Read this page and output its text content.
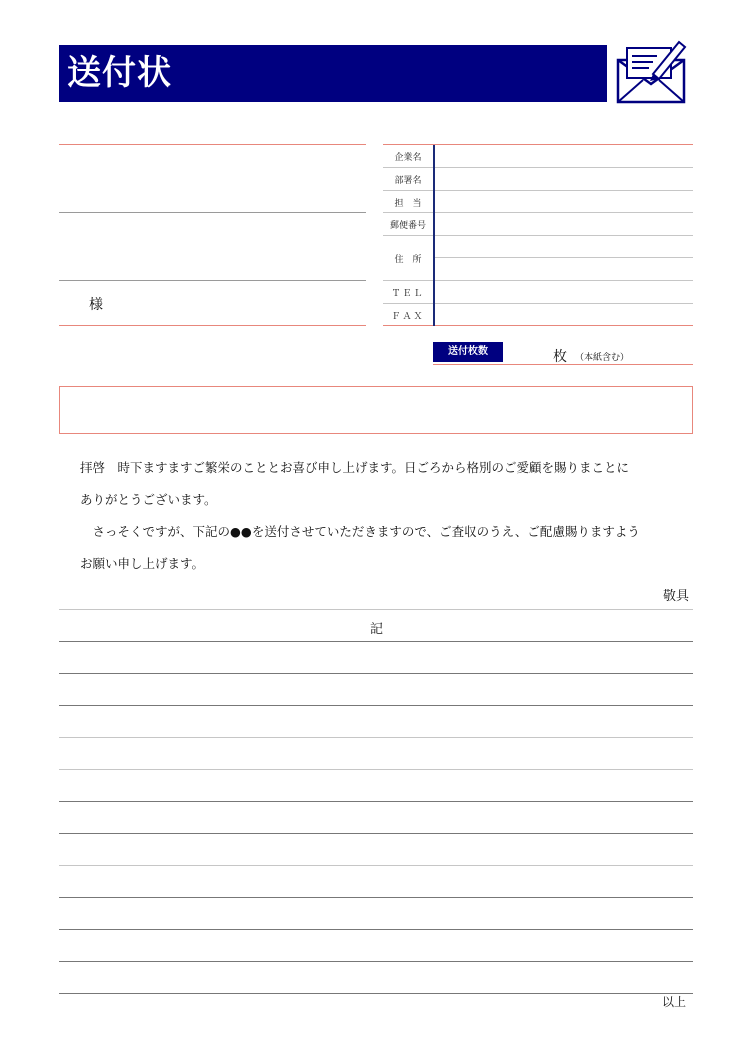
送付状
様
企業名
部署名
担　当
郵便番号
住　所
ＴＥＬ
ＦＡＸ
送付枚数	枚 （本紙含む）
拝啓　時下ますますご繁栄のこととお喜び申し上げます。日ごろから格別のご愛顧を賜りまことに
ありがとうございます。
　さっそくですが、下記の●●を送付させていただきますので、ご査収のうえ、ご配慮賜りますよう
お願い申し上げます。
敬具
記
以上
